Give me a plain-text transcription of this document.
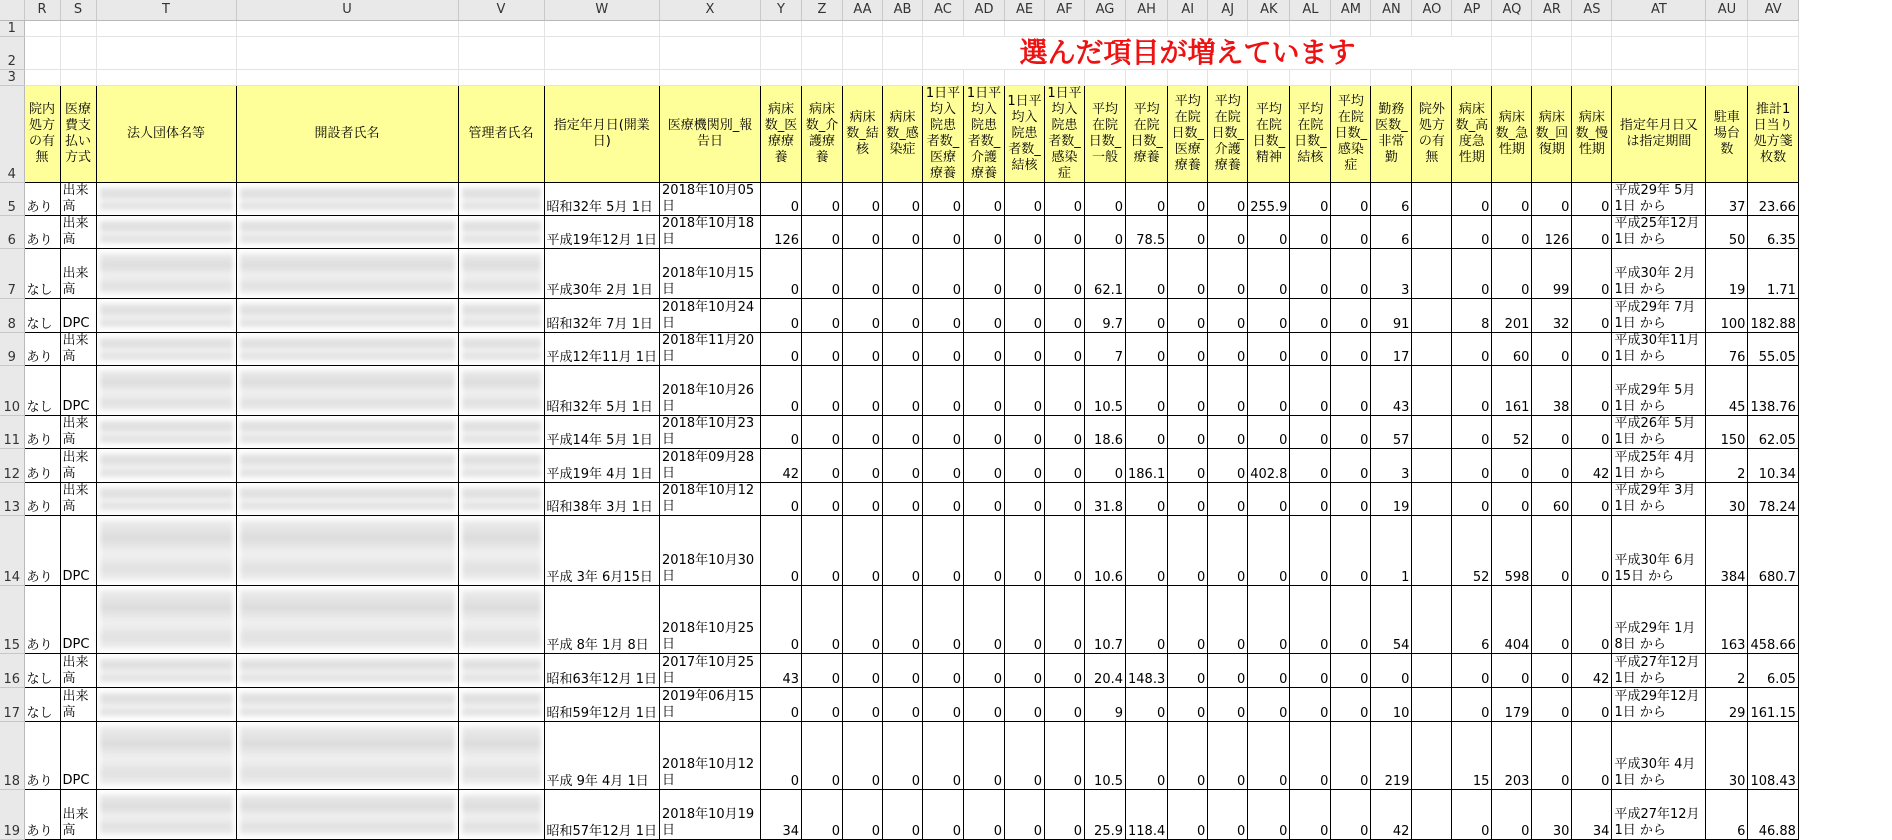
	R	S	T	U	V	W	X	Y	Z	AA	AB	AC	AD	AE	AF	AG	AH	AI	AJ	AK	AL	AM	AN	AO	AP	AQ	AR	AS	AT	AU	AV
1																															
2												選んだ項目が増えています																			
3																															
4	院内処方の有無	医療費支払い方式	法人団体名等	開設者氏名	管理者氏名	指定年月日(開業日)	医療機関別_報告日	病床数_医療療養	病床数_介護療養	病床数_結核	病床数_感染症	1日平均入院患者数_医療療養	1日平均入院患者数_介護療養	1日平均入院患者数_結核	1日平均入院患者数_感染症	平均在院日数_一般	平均在院日数_療養	平均在院日数_医療療養	平均在院日数_介護療養	平均在院日数_精神	平均在院日数_結核	平均在院日数_感染症	勤務医数_非常勤	院外処方の有無	病床数_高度急性期	病床数_急性期	病床数_回復期	病床数_慢性期	指定年月日又は指定期間	駐車場台数	推計1日当り処方箋枚数
5	あり	出来高				昭和32年 5月 1日	2018年10月05日	0	0	0	0	0	0	0	0	0	0	0	0	255.9	0	0	6		0	0	0	0	平成29年 5月1日 から	37	23.66
6	あり	出来高				平成19年12月 1日	2018年10月18日	126	0	0	0	0	0	0	0	0	78.5	0	0	0	0	0	6		0	0	126	0	平成25年12月1日 から	50	6.35
7	なし	出来高				平成30年 2月 1日	2018年10月15日	0	0	0	0	0	0	0	0	62.1	0	0	0	0	0	0	3		0	0	99	0	平成30年 2月1日 から	19	1.71
8	なし	DPC				昭和32年 7月 1日	2018年10月24日	0	0	0	0	0	0	0	0	9.7	0	0	0	0	0	0	91		8	201	32	0	平成29年 7月1日 から	100	182.88
9	あり	出来高				平成12年11月 1日	2018年11月20日	0	0	0	0	0	0	0	0	7	0	0	0	0	0	0	17		0	60	0	0	平成30年11月1日 から	76	55.05
10	なし	DPC				昭和32年 5月 1日	2018年10月26日	0	0	0	0	0	0	0	0	10.5	0	0	0	0	0	0	43		0	161	38	0	平成29年 5月1日 から	45	138.76
11	あり	出来高				平成14年 5月 1日	2018年10月23日	0	0	0	0	0	0	0	0	18.6	0	0	0	0	0	0	57		0	52	0	0	平成26年 5月1日 から	150	62.05
12	あり	出来高				平成19年 4月 1日	2018年09月28日	42	0	0	0	0	0	0	0	0	186.1	0	0	402.8	0	0	3		0	0	0	42	平成25年 4月1日 から	2	10.34
13	あり	出来高				昭和38年 3月 1日	2018年10月12日	0	0	0	0	0	0	0	0	31.8	0	0	0	0	0	0	19		0	0	60	0	平成29年 3月1日 から	30	78.24
14	あり	DPC				平成 3年 6月15日	2018年10月30日	0	0	0	0	0	0	0	0	10.6	0	0	0	0	0	0	1		52	598	0	0	平成30年 6月15日 から	384	680.7
15	あり	DPC				平成 8年 1月 8日	2018年10月25日	0	0	0	0	0	0	0	0	10.7	0	0	0	0	0	0	54		6	404	0	0	平成29年 1月8日 から	163	458.66
16	なし	出来高				昭和63年12月 1日	2017年10月25日	43	0	0	0	0	0	0	0	20.4	148.3	0	0	0	0	0	0		0	0	0	42	平成27年12月1日 から	2	6.05
17	なし	出来高				昭和59年12月 1日	2019年06月15日	0	0	0	0	0	0	0	0	9	0	0	0	0	0	0	10		0	179	0	0	平成29年12月1日 から	29	161.15
18	あり	DPC				平成 9年 4月 1日	2018年10月12日	0	0	0	0	0	0	0	0	10.5	0	0	0	0	0	0	219		15	203	0	0	平成30年 4月1日 から	30	108.43
19	あり	出来高				昭和57年12月 1日	2018年10月19日	34	0	0	0	0	0	0	0	25.9	118.4	0	0	0	0	0	42		0	0	30	34	平成27年12月1日 から	6	46.88
